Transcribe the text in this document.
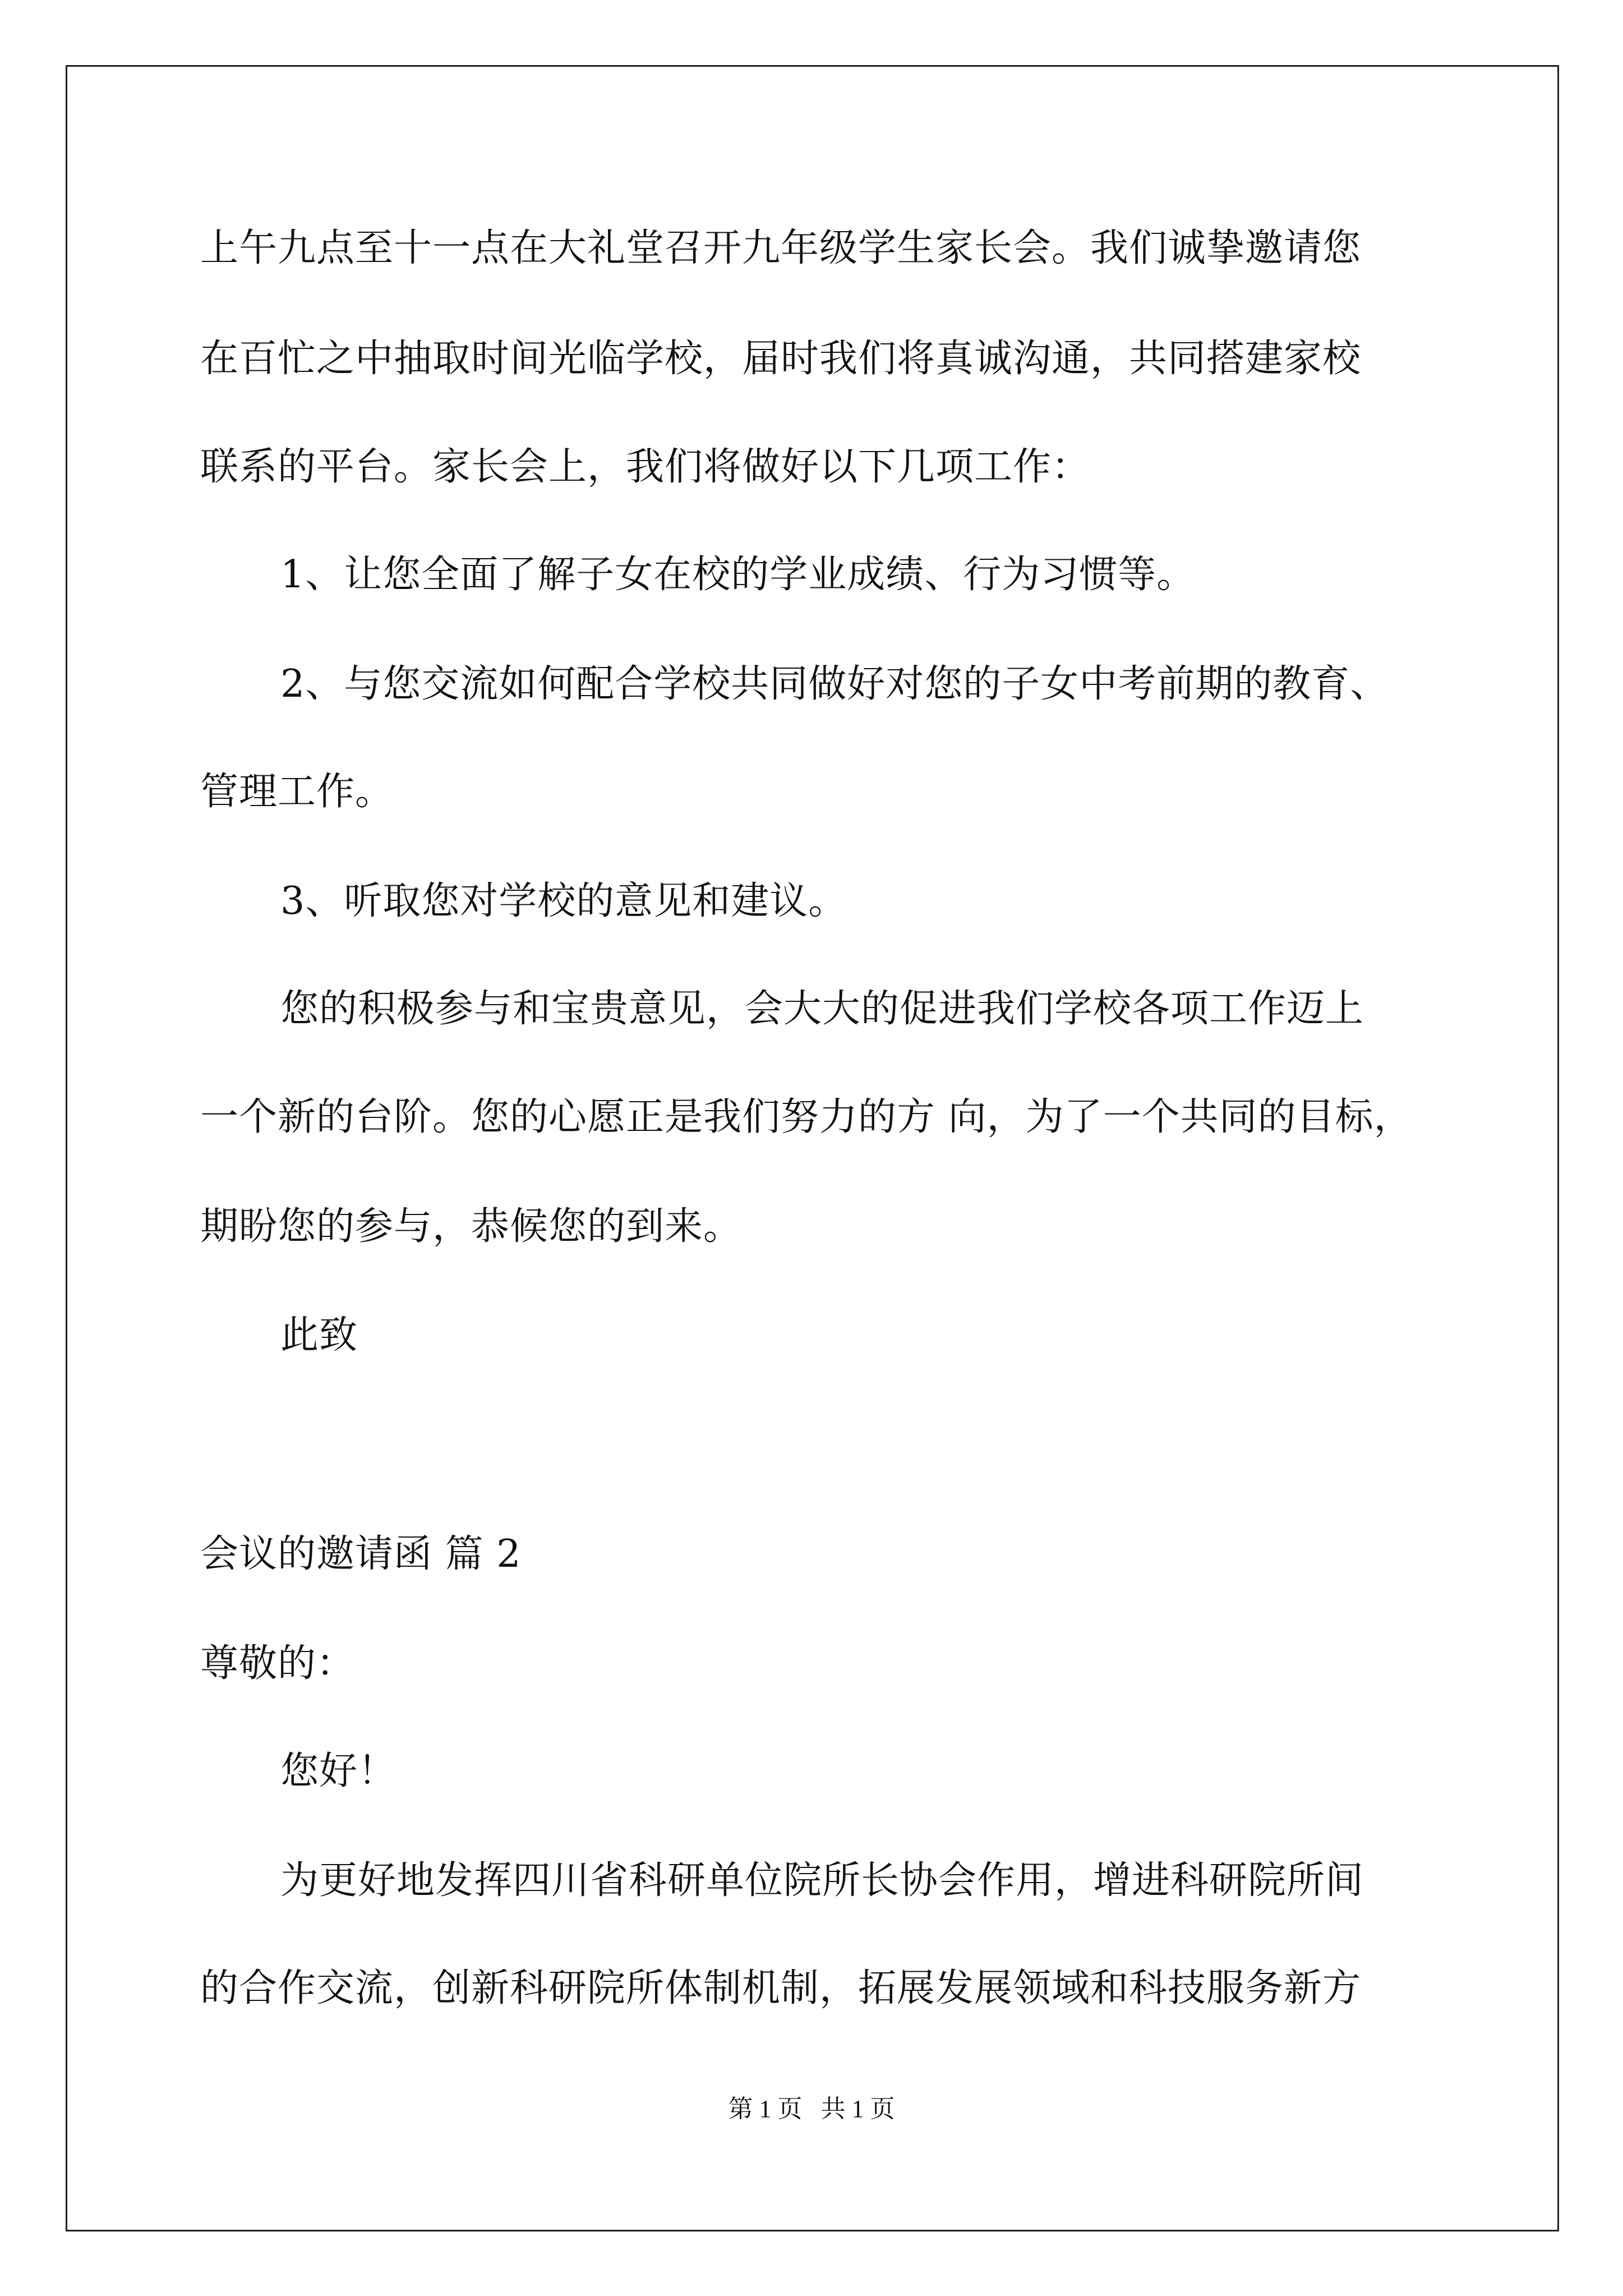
上午九点至十一点在大礼堂召开九年级学生家长会。我们诚挚邀请您
在百忙之中抽取时间光临学校，届时我们将真诚沟通，共同搭建家校
联系的平台。家长会上，我们将做好以下几项工作：
1、让您全面了解子女在校的学业成绩、行为习惯等。
2、与您交流如何配合学校共同做好对您的子女中考前期的教育、
管理工作。
3、听取您对学校的意见和建议。
您的积极参与和宝贵意见，会大大的促进我们学校各项工作迈上
一个新的台阶。您的心愿正是我们努力的方 向，为了一个共同的目标，
期盼您的参与，恭候您的到来。
此致
会议的邀请函 篇 2
尊敬的：
您好！
为更好地发挥四川省科研单位院所长协会作用，增进科研院所间
的合作交流，创新科研院所体制机制，拓展发展领域和科技服务新方
第 1 页   共 1 页
